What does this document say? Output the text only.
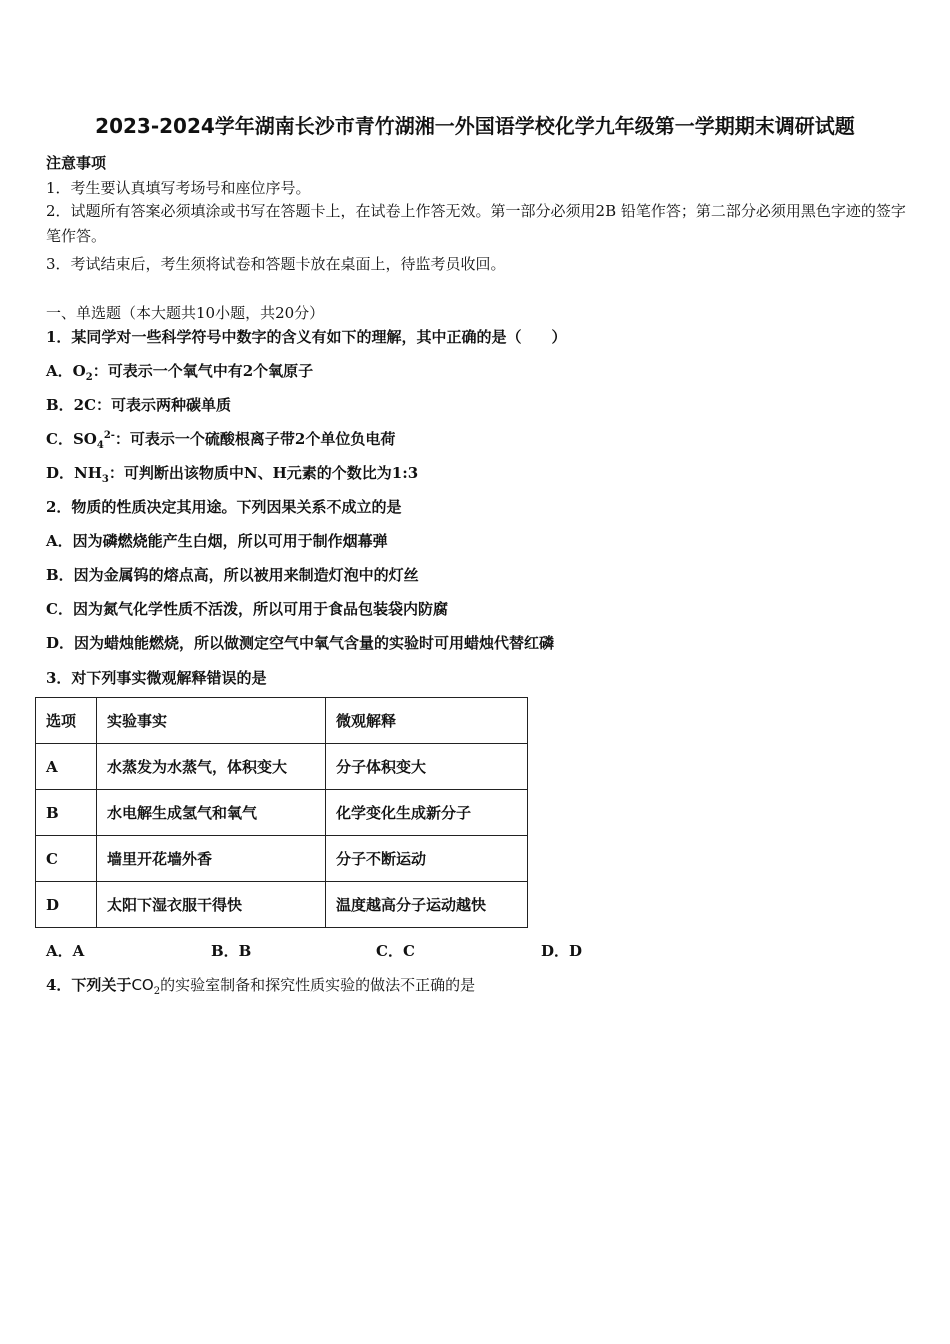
2023-2024学年湖南长沙市青竹湖湘一外国语学校化学九年级第一学期期末调研试题
注意事项
1．考生要认真填写考场号和座位序号。
2．试题所有答案必须填涂或书写在答题卡上，在试卷上作答无效。第一部分必须用2B 铅笔作答；第二部分必须用黑色字迹的签字笔作答。
3．考试结束后，考生须将试卷和答题卡放在桌面上，待监考员收回。
一、单选题（本大题共10小题，共20分）
1．某同学对一些科学符号中数字的含义有如下的理解，其中正确的是（　　）
A．$O_2$：可表示一个氧气中有2个氧原子
B．2C：可表示两种碳单质
C．$SO_4^{2-}$：可表示一个硫酸根离子带2个单位负电荷
D．$NH_3$：可判断出该物质中N、H元素的个数比为1:3
2．物质的性质决定其用途。下列因果关系不成立的是
A．因为磷燃烧能产生白烟，所以可用于制作烟幕弹
B．因为金属钨的熔点高，所以被用来制造灯泡中的灯丝
C．因为氮气化学性质不活泼，所以可用于食品包装袋内防腐
D．因为蜡烛能燃烧，所以做测定空气中氧气含量的实验时可用蜡烛代替红磷
3．对下列事实微观解释错误的是
选项	实验事实	微观解释
A	水蒸发为水蒸气，体积变大	分子体积变大
B	水电解生成氢气和氧气	化学变化生成新分子
C	墙里开花墙外香	分子不断运动
D	太阳下湿衣服干得快	温度越高分子运动越快
A．A	B．B	C．C	D．D
4．下列关于$CO_2$的实验室制备和探究性质实验的做法不正确的是
